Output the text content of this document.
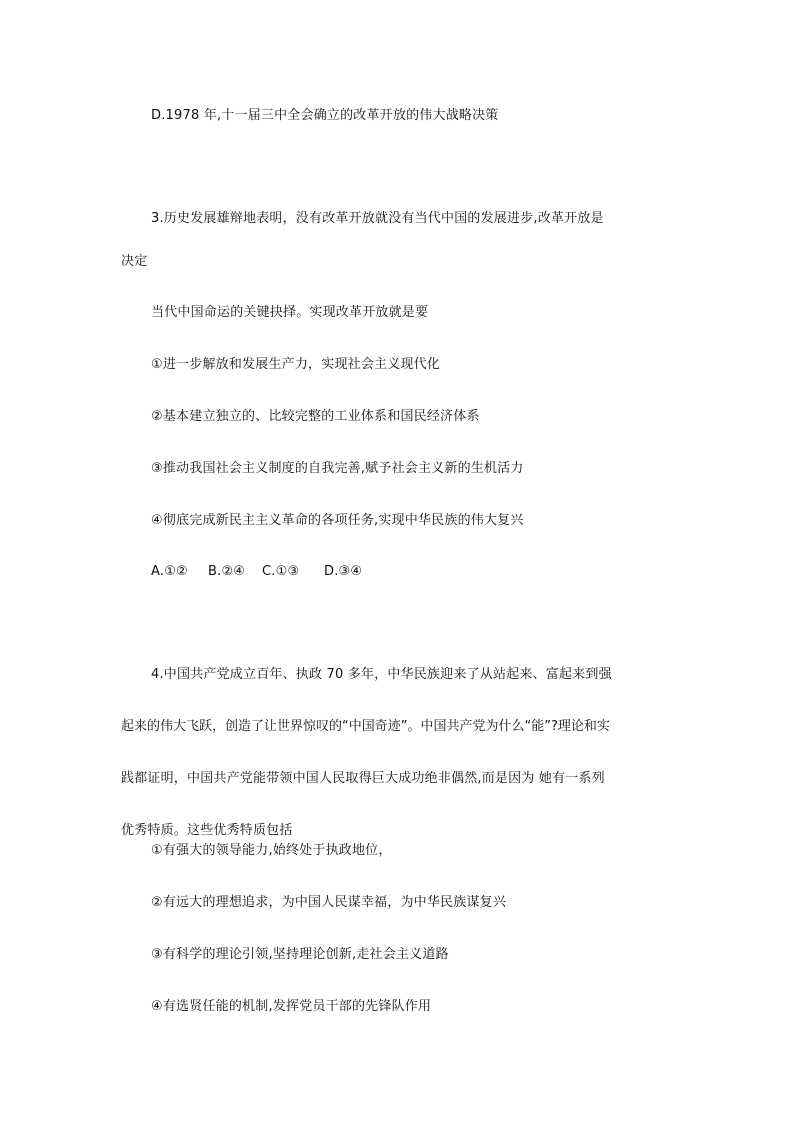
D.1978 年,十一届三中全会确立的改革开放的伟大战略决策
3.历史发展雄辩地表明，没有改革开放就没有当代中国的发展进步,改革开放是
决定
当代中国命运的关键抉择。实现改革开放就是要
①进一步解放和发展生产力，实现社会主义现代化
②基本建立独立的、比较完整的工业体系和国民经济体系
③推动我国社会主义制度的自我完善,赋予社会主义新的生机活力
④彻底完成新民主主义革命的各项任务,实现中华民族的伟大复兴
A.①② B.②④ C.①③ D.③④
4.中国共产党成立百年、执政 70 多年，中华民族迎来了从站起来、富起来到强
起来的伟大飞跃，创造了让世界惊叹的“中国奇迹”。中国共产党为什么“能”?理论和实
践都证明，中国共产党能带领中国人民取得巨大成功绝非偶然,而是因为 她有一系列
优秀特质。这些优秀特质包括
①有强大的领导能力,始终处于执政地位，
②有远大的理想追求，为中国人民谋幸福，为中华民族谋复兴
③有科学的理论引领,坚持理论创新,走社会主义道路
④有选贤任能的机制,发挥党员干部的先锋队作用
